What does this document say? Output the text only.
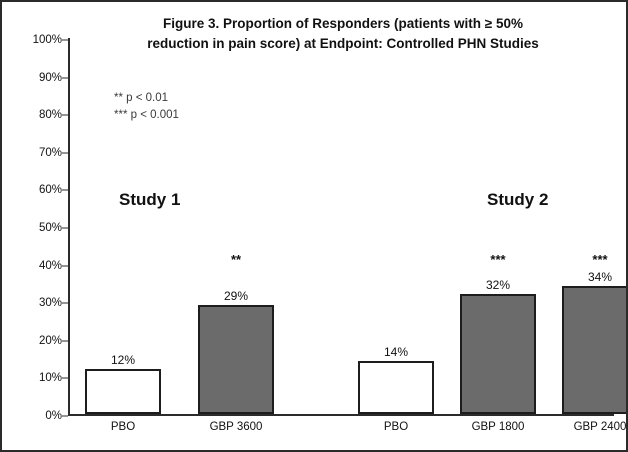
Figure 3. Proportion of Responders (patients with ≥ 50%
reduction in pain score) at Endpoint: Controlled PHN Studies
100%
90%
80%
70%
60%
50%
40%
30%
20%
10%
0%
** p < 0.01
*** p < 0.001
Study 1	Study 2
12%
PBO
29%
**
GBP 3600
14%
PBO
32%
***
GBP 1800
34%
***
GBP 2400
